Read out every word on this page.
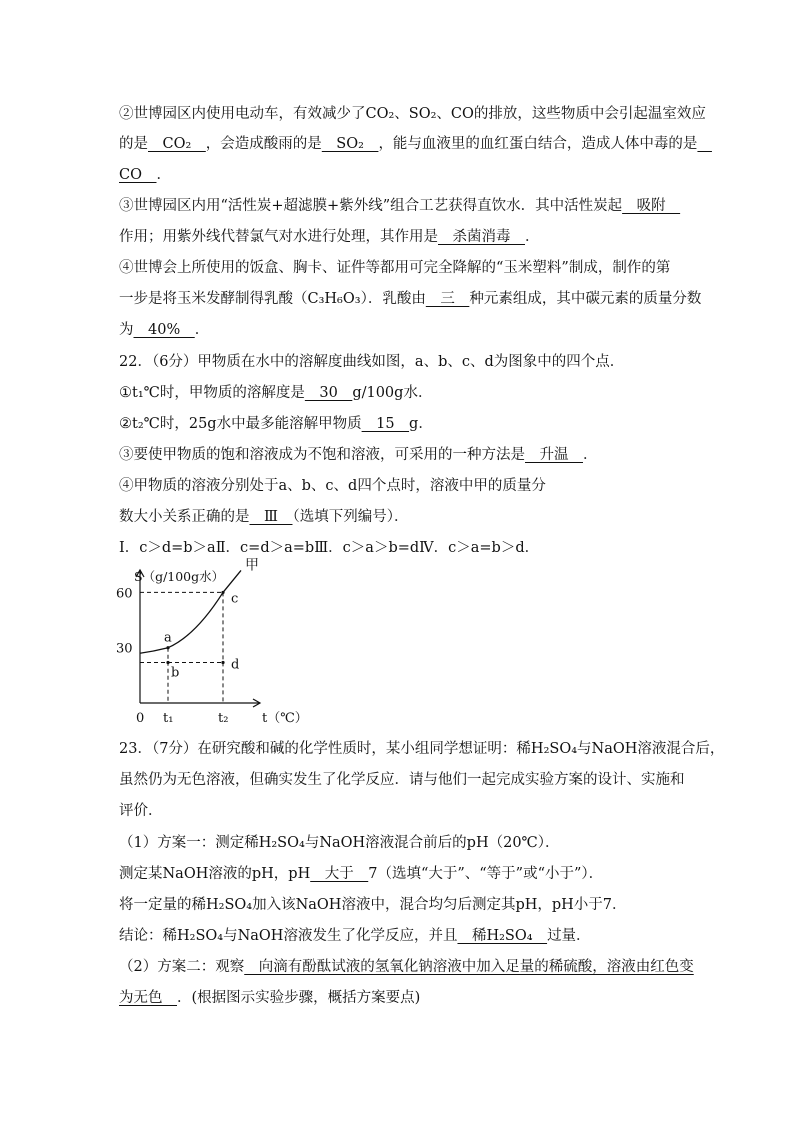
②世博园区内使用电动车，有效减少了CO₂、SO₂、CO的排放，这些物质中会引起温室效应
的是　CO₂　，会造成酸雨的是　SO₂　，能与血液里的血红蛋白结合，造成人体中毒的是　
CO　．
③世博园区内用“活性炭+超滤膜+紫外线”组合工艺获得直饮水．其中活性炭起　吸附　
作用；用紫外线代替氯气对水进行处理，其作用是　杀菌消毒　．
④世博会上所使用的饭盒、胸卡、证件等都用可完全降解的“玉米塑料”制成，制作的第
一步是将玉米发酵制得乳酸（C₃H₆O₃）．乳酸由　三　种元素组成，其中碳元素的质量分数
为　40%　．
22．（6分）甲物质在水中的溶解度曲线如图，a、b、c、d为图象中的四个点．
①t₁℃时，甲物质的溶解度是　30　g/100g水．
②t₂℃时，25g水中最多能溶解甲物质　15　g．
③要使甲物质的饱和溶液成为不饱和溶液，可采用的一种方法是　升温　．
④甲物质的溶液分别处于a、b、c、d四个点时，溶液中甲的质量分
数大小关系正确的是　Ⅲ　（选填下列编号）．
Ⅰ．c＞d=b＞aⅡ．c=d＞a=bⅢ．c＞a＞b=dⅣ．c＞a=b＞d．
30
60
0 t₁	t₂
S（g/100g水）
t（℃）
甲
a
b
c
d
23．（7分）在研究酸和碱的化学性质时，某小组同学想证明：稀H₂SO₄与NaOH溶液混合后，
虽然仍为无色溶液，但确实发生了化学反应．请与他们一起完成实验方案的设计、实施和
评价．
（1）方案一：测定稀H₂SO₄与NaOH溶液混合前后的pH（20℃）．
测定某NaOH溶液的pH，pH　大于　7（选填“大于”、“等于”或“小于”）．
将一定量的稀H₂SO₄加入该NaOH溶液中，混合均匀后测定其pH，pH小于7．
结论：稀H₂SO₄与NaOH溶液发生了化学反应，并且　稀H₂SO₄　过量．
（2）方案二：观察　向滴有酚酞试液的氢氧化钠溶液中加入足量的稀硫酸，溶液由红色变
为无色　．(根据图示实验步骤，概括方案要点)
